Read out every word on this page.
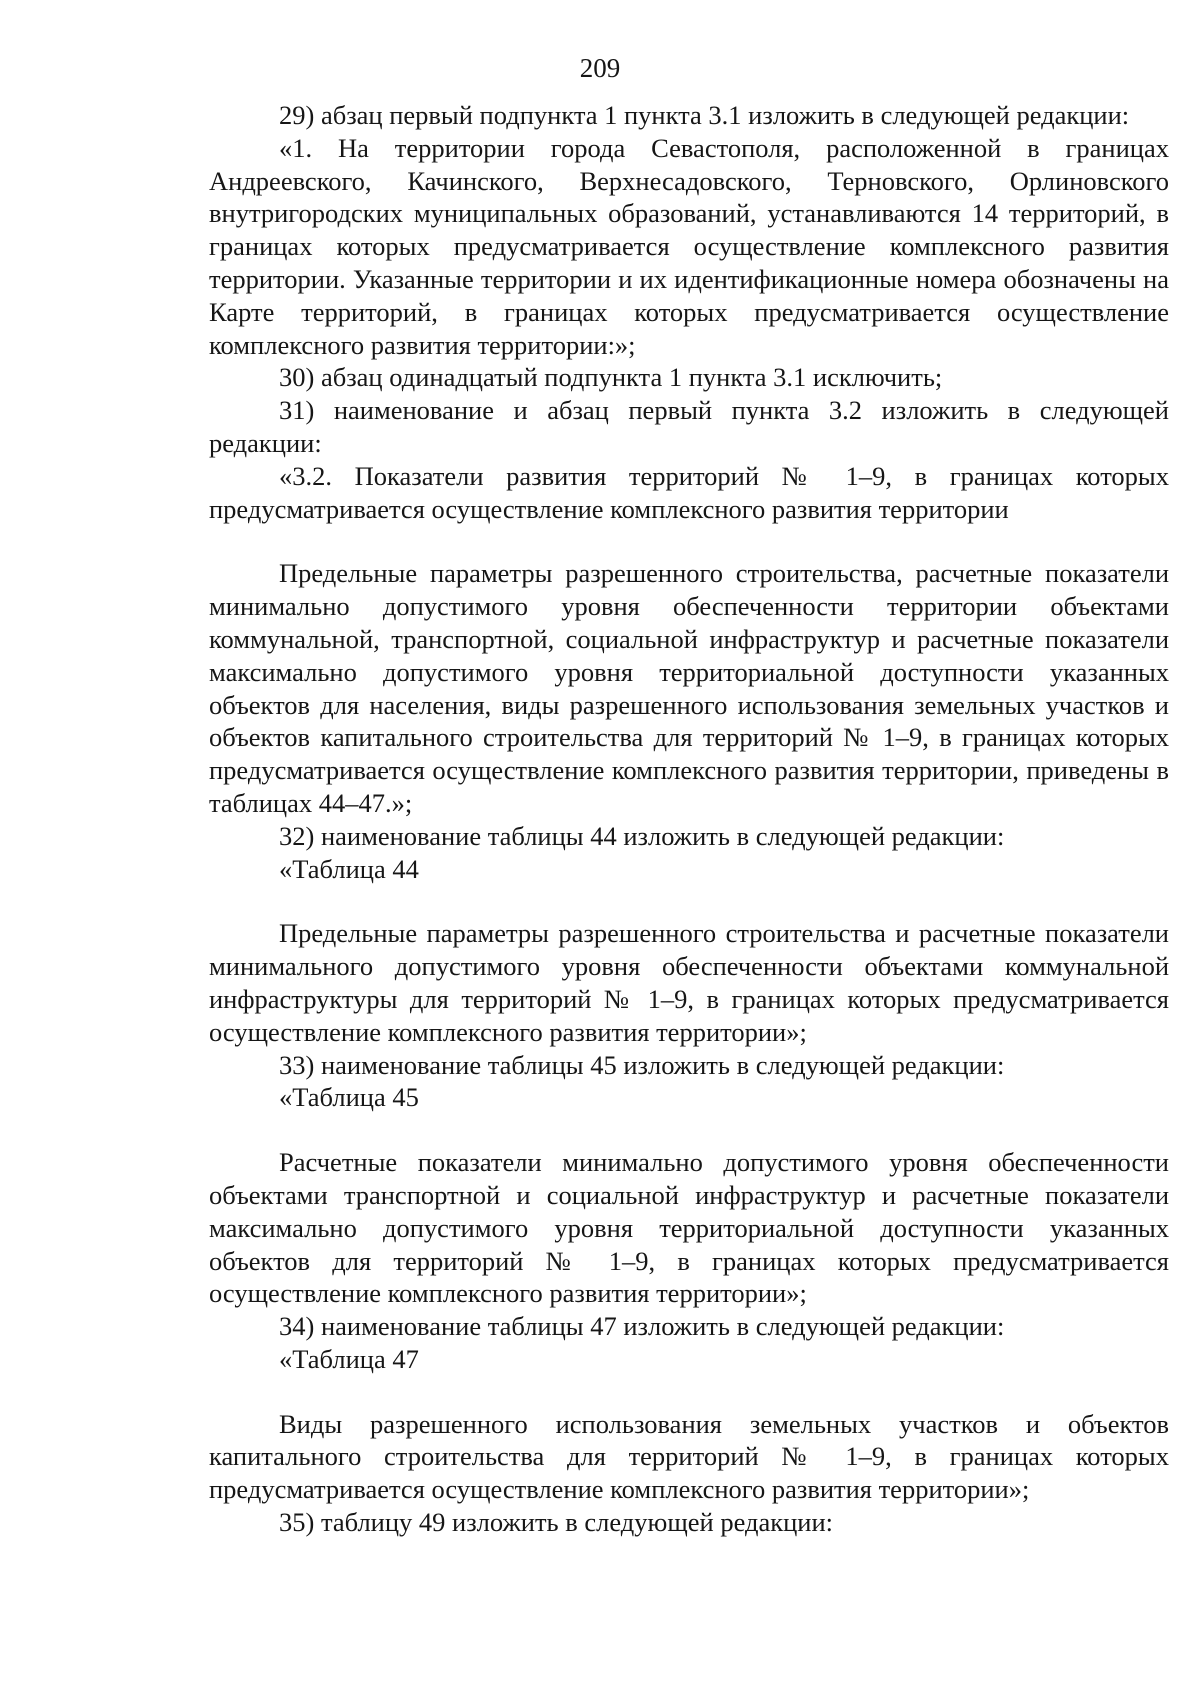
209

29) абзац первый подпункта 1 пункта 3.1 изложить в следующей редакции:

«1. На территории города Севастополя, расположенной в границах Андреевского, Качинского, Верхнесадовского, Терновского, Орлиновского внутригородских муниципальных образований, устанавливаются 14 территорий, в границах которых предусматривается осуществление комплексного развития территории. Указанные территории и их идентификационные номера обозначены на Карте территорий, в границах которых предусматривается осуществление комплексного развития территории:»;

30) абзац одинадцатый подпункта 1 пункта 3.1 исключить;

31) наименование и абзац первый пункта 3.2 изложить в следующей редакции:

«3.2. Показатели развития территорий № 1–9, в границах которых предусматривается осуществление комплексного развития территории

Предельные параметры разрешенного строительства, расчетные показатели минимально допустимого уровня обеспеченности территории объектами коммунальной, транспортной, социальной инфраструктур и расчетные показатели максимально допустимого уровня территориальной доступности указанных объектов для населения, виды разрешенного использования земельных участков и объектов капитального строительства для территорий № 1–9, в границах которых предусматривается осуществление комплексного развития территории, приведены в таблицах 44–47.»;

32) наименование таблицы 44 изложить в следующей редакции:

«Таблица 44

Предельные параметры разрешенного строительства и расчетные показатели минимального допустимого уровня обеспеченности объектами коммунальной инфраструктуры для территорий № 1–9, в границах которых предусматривается осуществление комплексного развития территории»;

33) наименование таблицы 45 изложить в следующей редакции:

«Таблица 45

Расчетные показатели минимально допустимого уровня обеспеченности объектами транспортной и социальной инфраструктур и расчетные показатели максимально допустимого уровня территориальной доступности указанных объектов для территорий № 1–9, в границах которых предусматривается осуществление комплексного развития территории»;

34) наименование таблицы 47 изложить в следующей редакции:

«Таблица 47

Виды разрешенного использования земельных участков и объектов капитального строительства для территорий № 1–9, в границах которых предусматривается осуществление комплексного развития территории»;

35) таблицу 49 изложить в следующей редакции:
